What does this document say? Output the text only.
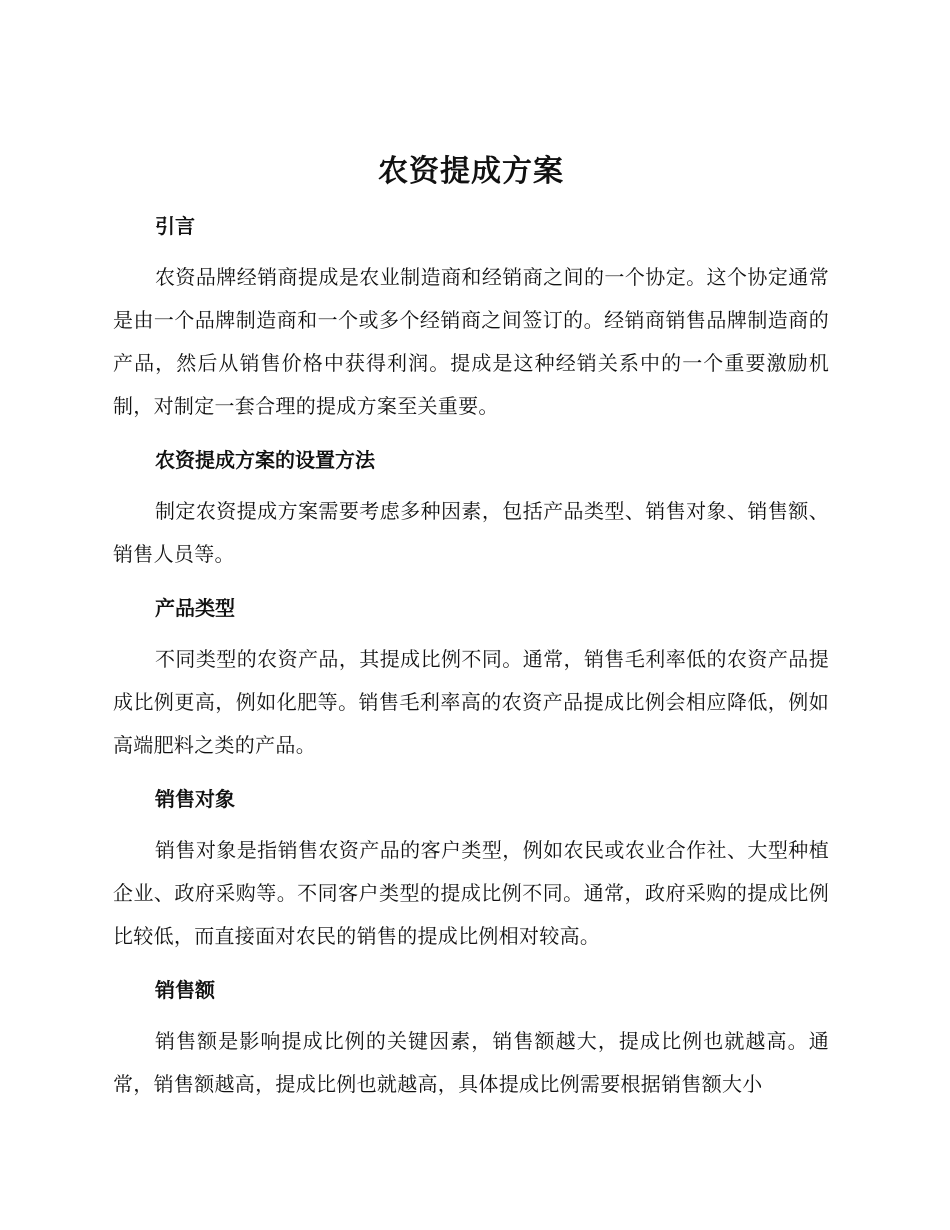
农资提成方案
引言

农资品牌经销商提成是农业制造商和经销商之间的一个协定。这个协定通常是由一个品牌制造商和一个或多个经销商之间签订的。经销商销售品牌制造商的产品，然后从销售价格中获得利润。提成是这种经销关系中的一个重要激励机制，对制定一套合理的提成方案至关重要。

农资提成方案的设置方法

制定农资提成方案需要考虑多种因素，包括产品类型、销售对象、销售额、销售人员等。

产品类型

不同类型的农资产品，其提成比例不同。通常，销售毛利率低的农资产品提成比例更高，例如化肥等。销售毛利率高的农资产品提成比例会相应降低，例如高端肥料之类的产品。

销售对象

销售对象是指销售农资产品的客户类型，例如农民或农业合作社、大型种植企业、政府采购等。不同客户类型的提成比例不同。通常，政府采购的提成比例比较低，而直接面对农民的销售的提成比例相对较高。

销售额

销售额是影响提成比例的关键因素，销售额越大，提成比例也就越高。通常，销售额越高，提成比例也就越高，具体提成比例需要根据销售额大小
